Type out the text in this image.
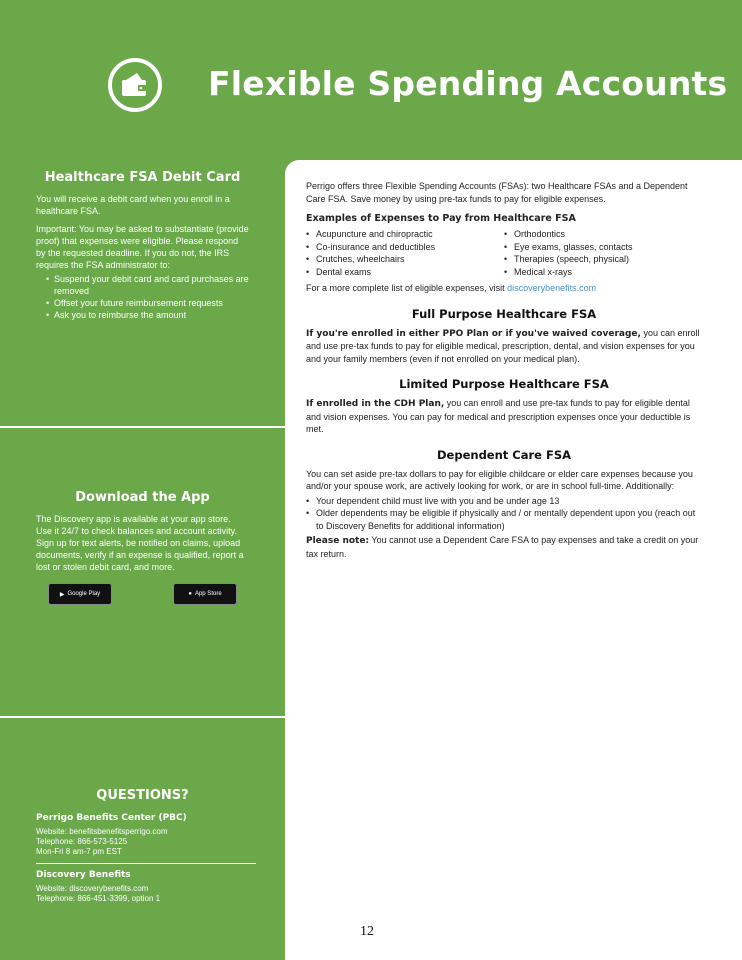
Flexible Spending Accounts
Healthcare FSA Debit Card

You will receive a debit card when you enroll in a healthcare FSA.

Important: You may be asked to substantiate (provide proof) that expenses were eligible. Please respond by the requested deadline. If you do not, the IRS requires the FSA administrator to:

• Suspend your debit card and card purchases are removed
• Offset your future reimbursement requests
• Ask you to reimburse the amount
Download the App

The Discovery app is available at your app store. Use it 24/7 to check balances and account activity. Sign up for text alerts, be notified on claims, upload documents, verify if an expense is qualified, report a lost or stolen debit card, and more.

▶ Google Play	● App Store
QUESTIONS?
Perrigo Benefits Center (PBC)

Website: benefitsbenefitsperrigo.com

Telephone: 866-573-5125

Mon-Fri 8 am-7 pm EST

Discovery Benefits

Website: discoverybenefits.com

Telephone: 866-451-3399, option 1

Perrigo offers three Flexible Spending Accounts (FSAs): two Healthcare FSAs and a Dependent Care FSA. Save money by using pre-tax funds to pay for eligible expenses.

Examples of Expenses to Pay from Healthcare FSA
• Acupuncture and chiropractic
• Co-insurance and deductibles
• Crutches, wheelchairs
• Dental exams
• Orthodontics
• Eye exams, glasses, contacts
• Therapies (speech, physical)
• Medical x-rays

For a more complete list of eligible expenses, visit discoverybenefits.com

Full Purpose Healthcare FSA

If you're enrolled in either PPO Plan or if you've waived coverage, you can enroll and use pre-tax funds to pay for eligible medical, prescription, dental, and vision expenses for you and your family members (even if not enrolled on your medical plan).

Limited Purpose Healthcare FSA

If enrolled in the CDH Plan, you can enroll and use pre-tax funds to pay for eligible dental and vision expenses. You can pay for medical and prescription expenses once your deductible is met.

Dependent Care FSA

You can set aside pre-tax dollars to pay for eligible childcare or elder care expenses because you and/or your spouse work, are actively looking for work, or are in school full-time. Additionally:

• Your dependent child must live with you and be under age 13
• Older dependents may be eligible if physically and / or mentally dependent upon you (reach out to Discovery Benefits for additional information)

Please note: You cannot use a Dependent Care FSA to pay expenses and take a credit on your tax return.

12
